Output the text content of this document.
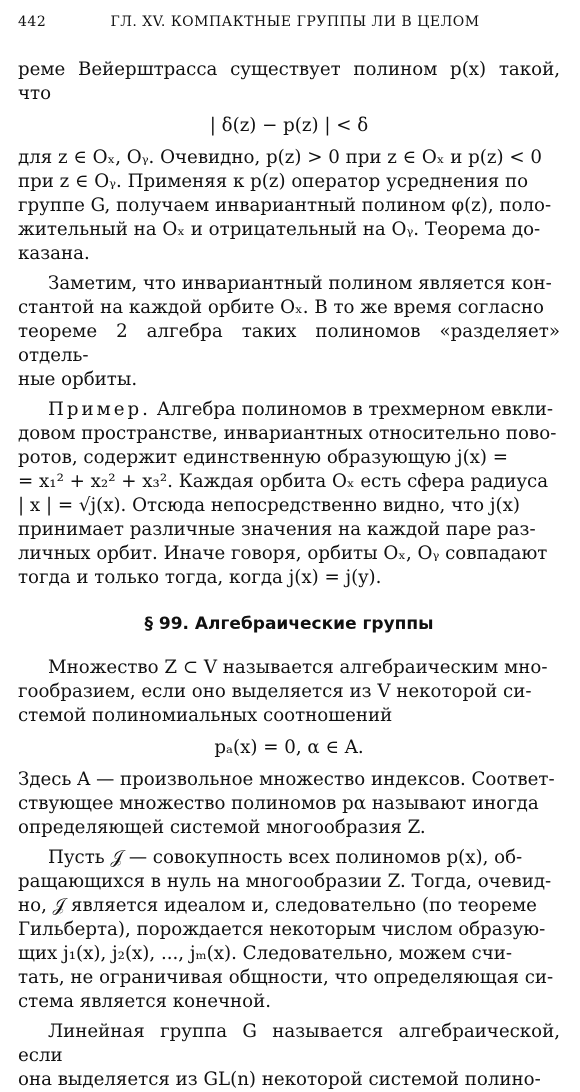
442	ГЛ. XV. КОМПАКТНЫЕ ГРУППЫ ЛИ В ЦЕЛОМ

реме Вейерштрасса существует полином p(x) такой, что

| δ(z) − p(z) | < δ

для z ∈ Oₓ, Oᵧ. Очевидно, p(z) > 0 при z ∈ Oₓ и p(z) < 0

при z ∈ Oᵧ. Применяя к p(z) оператор усреднения по

группе G, получаем инвариантный полином φ(z), поло-

жительный на Oₓ и отрицательный на Oᵧ. Теорема до-

казана.

Заметим, что инвариантный полином является кон-

стантой на каждой орбите Oₓ. В то же время согласно

теореме 2 алгебра таких полиномов «разделяет» отдель-

ные орбиты.

Пример. Алгебра полиномов в трехмерном евкли-

довом пространстве, инвариантных относительно пово-

ротов, содержит единственную образующую j(x) =

= x₁² + x₂² + x₃². Каждая орбита Oₓ есть сфера радиуса

| x | = √j(x). Отсюда непосредственно видно, что j(x)

принимает различные значения на каждой паре раз-

личных орбит. Иначе говоря, орбиты Oₓ, Oᵧ совпадают

тогда и только тогда, когда j(x) = j(y).

§ 99. Алгебраические группы

Множество Z ⊂ V называется алгебраическим мно-

гообразием, если оно выделяется из V некоторой си-

стемой полиномиальных соотношений

pₐ(x) = 0, α ∈ A.

Здесь A — произвольное множество индексов. Соответ-

ствующее множество полиномов pα называют иногда

определяющей системой многообразия Z.

Пусть 𝒥 — совокупность всех полиномов p(x), об-

ращающихся в нуль на многообразии Z. Тогда, очевид-

но, 𝒥 является идеалом и, следовательно (по теореме

Гильберта), порождается некоторым числом образую-

щих j₁(x), j₂(x), ..., jₘ(x). Следовательно, можем счи-

тать, не ограничивая общности, что определяющая си-

стема является конечной.

Линейная группа G называется алгебраической, если

она выделяется из GL(n) некоторой системой полино-
